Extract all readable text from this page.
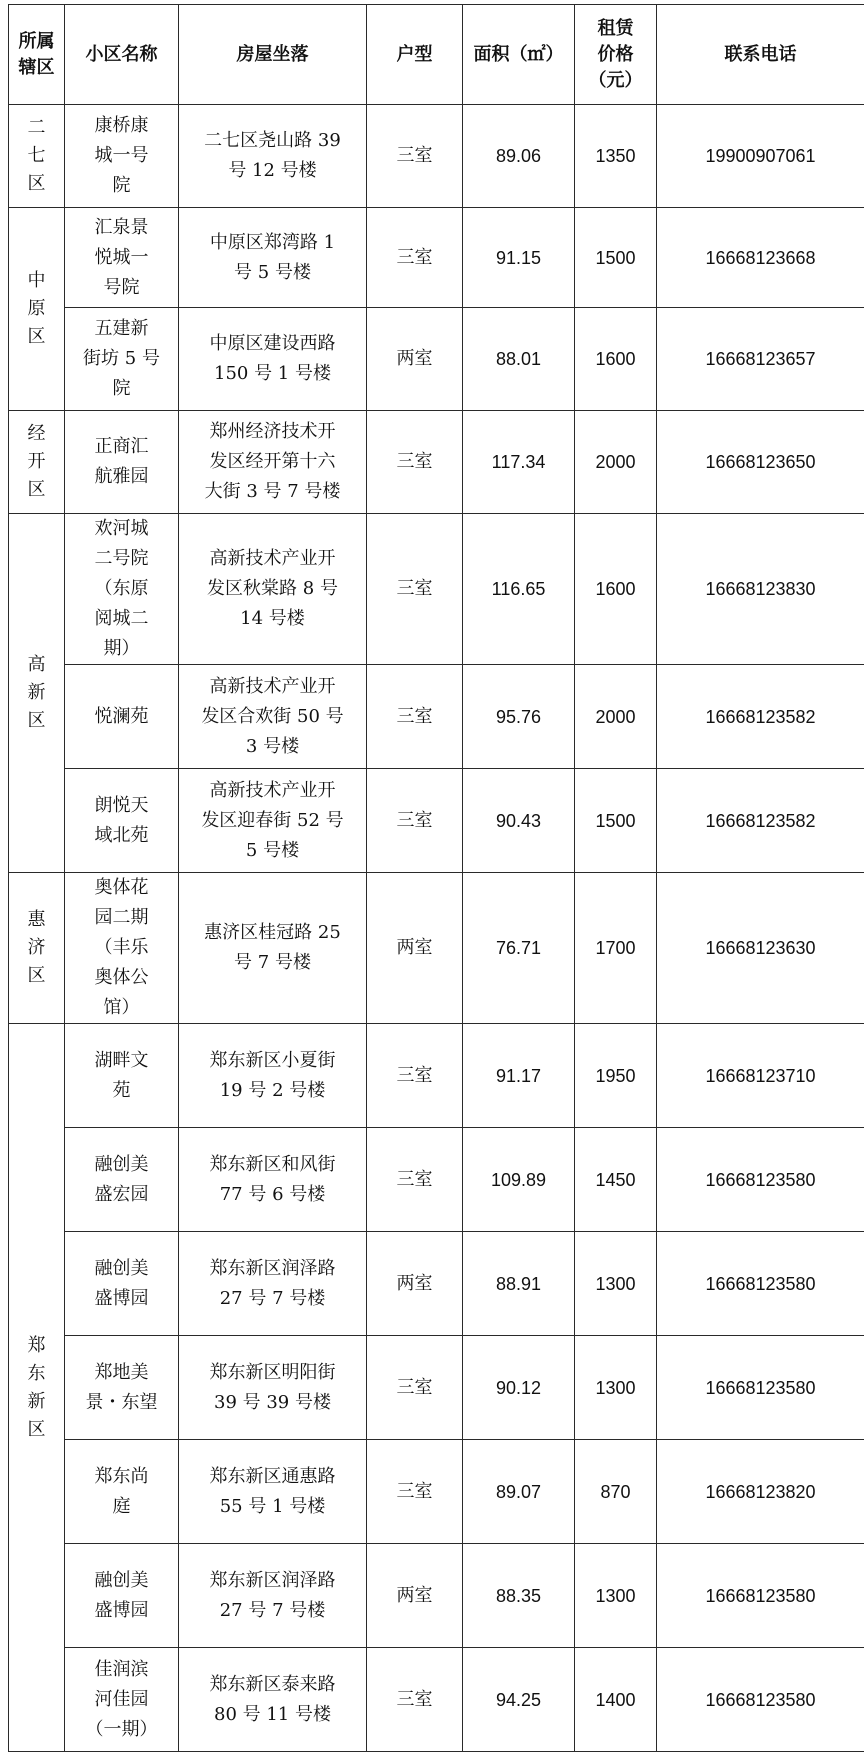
所属
辖区	小区名称	房屋坐落	户型	面积（㎡）	租赁
价格
（元）	联系电话

二
七
区	康桥康
城一号
院	二七区尧山路 39
号 12 号楼	三室	89.06	1350	19900907061

中
原
区	汇泉景
悦城一
号院	中原区郑湾路 1
号 5 号楼	三室	91.15	1500	16668123668

	五建新
街坊 5 号
院	中原区建设西路
150 号 1 号楼	两室	88.01	1600	16668123657

经
开
区	正商汇
航雅园	郑州经济技术开
发区经开第十六
大街 3 号 7 号楼	三室	117.34	2000	16668123650

高
新
区	欢河城
二号院
（东原
阅城二
期）	高新技术产业开
发区秋棠路 8 号
14 号楼	三室	116.65	1600	16668123830

	悦澜苑	高新技术产业开
发区合欢街 50 号
3 号楼	三室	95.76	2000	16668123582

	朗悦天
域北苑	高新技术产业开
发区迎春街 52 号
5 号楼	三室	90.43	1500	16668123582

惠
济
区	奥体花
园二期
（丰乐
奥体公
馆）	惠济区桂冠路 25
号 7 号楼	两室	76.71	1700	16668123630

郑
东
新
区	湖畔文
苑	郑东新区小夏街
19 号 2 号楼	三室	91.17	1950	16668123710

	融创美
盛宏园	郑东新区和风街
77 号 6 号楼	三室	109.89	1450	16668123580

	融创美
盛博园	郑东新区润泽路
27 号 7 号楼	两室	88.91	1300	16668123580

	郑地美
景・东望	郑东新区明阳街
39 号 39 号楼	三室	90.12	1300	16668123580

	郑东尚
庭	郑东新区通惠路
55 号 1 号楼	三室	89.07	870	16668123820

	融创美
盛博园	郑东新区润泽路
27 号 7 号楼	两室	88.35	1300	16668123580

	佳润滨
河佳园
（一期）	郑东新区泰来路
80 号 11 号楼	三室	94.25	1400	16668123580
